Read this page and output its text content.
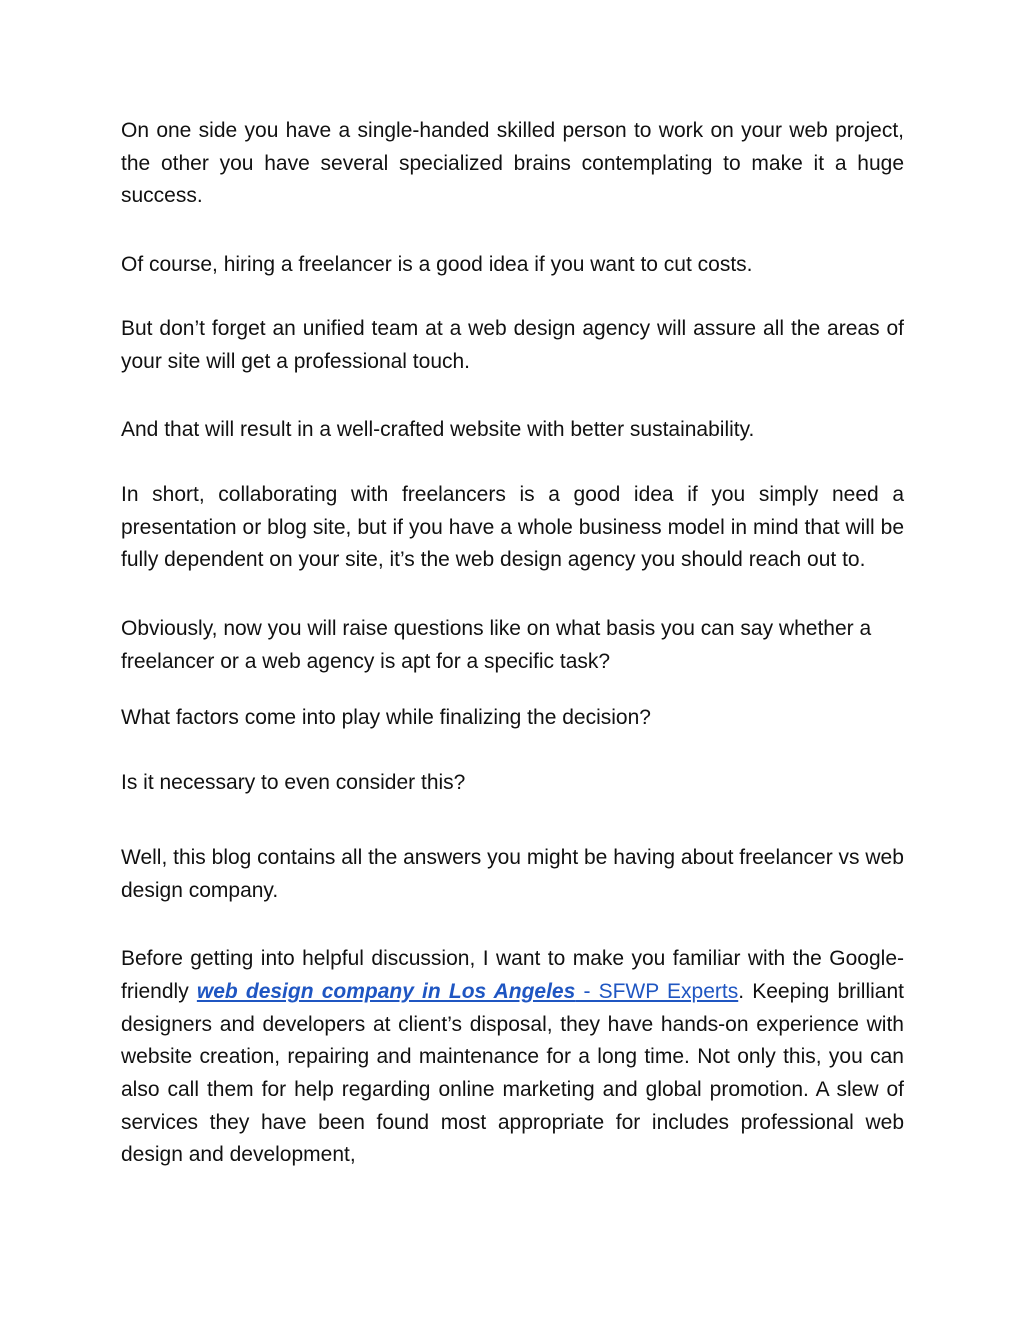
On one side you have a single-handed skilled person to work on your web project, the other you have several specialized brains contemplating to make it a huge success.

Of course, hiring a freelancer is a good idea if you want to cut costs.

But don’t forget an unified team at a web design agency will assure all the areas of your site will get a professional touch.

And that will result in a well-crafted website with better sustainability.

In short, collaborating with freelancers is a good idea if you simply need a presentation or blog site, but if you have a whole business model in mind that will be fully dependent on your site, it’s the web design agency you should reach out to.

Obviously, now you will raise questions like on what basis you can say whether a freelancer or a web agency is apt for a specific task?

What factors come into play while finalizing the decision?

Is it necessary to even consider this?

Well, this blog contains all the answers you might be having about freelancer vs web design company.

Before getting into helpful discussion, I want to make you familiar with the Google-friendly web design company in Los Angeles - SFWP Experts. Keeping brilliant designers and developers at client’s disposal, they have hands-on experience with website creation, repairing and maintenance for a long time. Not only this, you can also call them for help regarding online marketing and global promotion. A slew of services they have been found most appropriate for includes professional web design and development,
